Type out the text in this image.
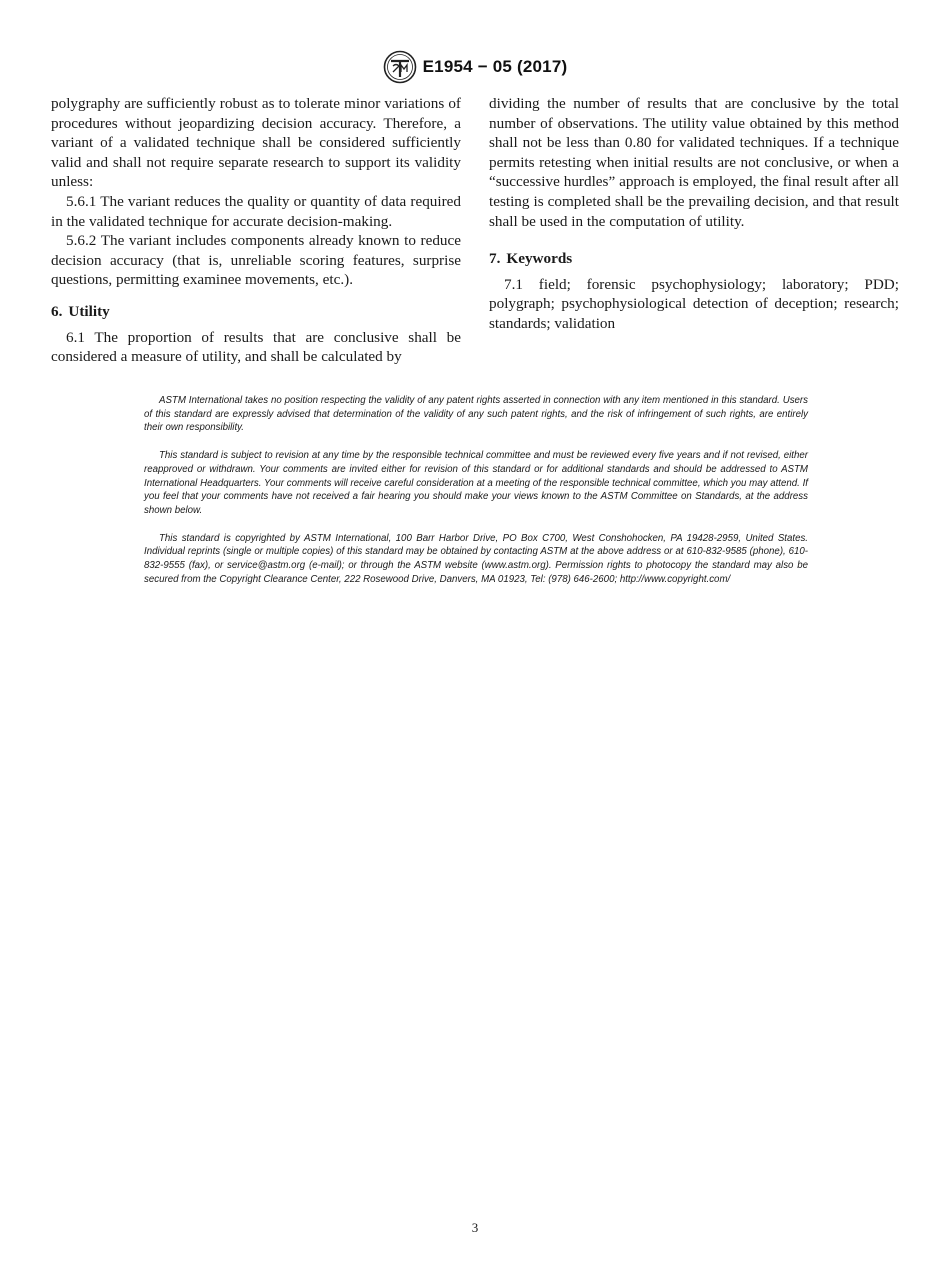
E1954 − 05 (2017)

polygraphy are sufficiently robust as to tolerate minor variations of procedures without jeopardizing decision accuracy. Therefore, a variant of a validated technique shall be considered sufficiently valid and shall not require separate research to support its validity unless:

5.6.1 The variant reduces the quality or quantity of data required in the validated technique for accurate decision-making.

5.6.2 The variant includes components already known to reduce decision accuracy (that is, unreliable scoring features, surprise questions, permitting examinee movements, etc.).

6. Utility

6.1 The proportion of results that are conclusive shall be considered a measure of utility, and shall be calculated by

dividing the number of results that are conclusive by the total number of observations. The utility value obtained by this method shall not be less than 0.80 for validated techniques. If a technique permits retesting when initial results are not conclusive, or when a “successive hurdles” approach is employed, the final result after all testing is completed shall be the prevailing decision, and that result shall be used in the computation of utility.

7. Keywords

7.1 field; forensic psychophysiology; laboratory; PDD; polygraph; psychophysiological detection of deception; research; standards; validation

ASTM International takes no position respecting the validity of any patent rights asserted in connection with any item mentioned in this standard. Users of this standard are expressly advised that determination of the validity of any such patent rights, and the risk of infringement of such rights, are entirely their own responsibility.

This standard is subject to revision at any time by the responsible technical committee and must be reviewed every five years and if not revised, either reapproved or withdrawn. Your comments are invited either for revision of this standard or for additional standards and should be addressed to ASTM International Headquarters. Your comments will receive careful consideration at a meeting of the responsible technical committee, which you may attend. If you feel that your comments have not received a fair hearing you should make your views known to the ASTM Committee on Standards, at the address shown below.

This standard is copyrighted by ASTM International, 100 Barr Harbor Drive, PO Box C700, West Conshohocken, PA 19428-2959, United States. Individual reprints (single or multiple copies) of this standard may be obtained by contacting ASTM at the above address or at 610-832-9585 (phone), 610-832-9555 (fax), or service@astm.org (e-mail); or through the ASTM website (www.astm.org). Permission rights to photocopy the standard may also be secured from the Copyright Clearance Center, 222 Rosewood Drive, Danvers, MA 01923, Tel: (978) 646-2600; http://www.copyright.com/

3
